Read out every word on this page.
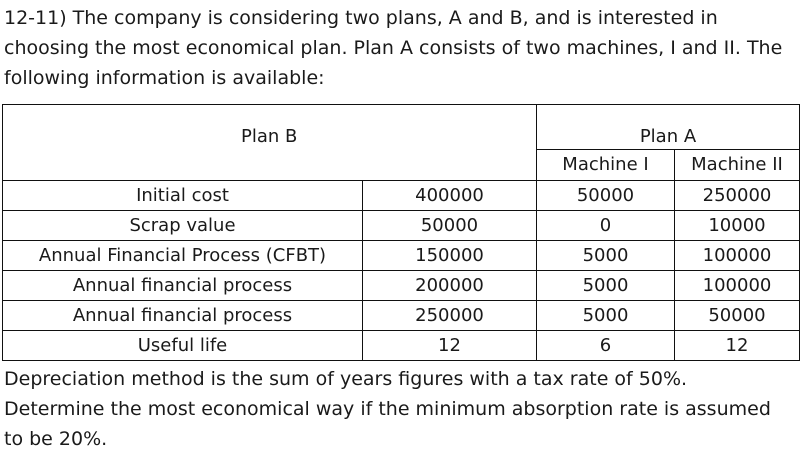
12-11) The company is considering two plans, A and B, and is interested in

choosing the most economical plan. Plan A consists of two machines, I and II. The

following information is available:

Plan B		Plan A	
		Machine I	Machine II
Initial cost	400000	50000	250000
Scrap value	50000	0	10000
Annual Financial Process (CFBT)	150000	5000	100000
Annual financial process	200000	5000	100000
Annual financial process	250000	5000	50000
Useful life	12	6	12

Depreciation method is the sum of years figures with a tax rate of 50%.

Determine the most economical way if the minimum absorption rate is assumed

to be 20%.
